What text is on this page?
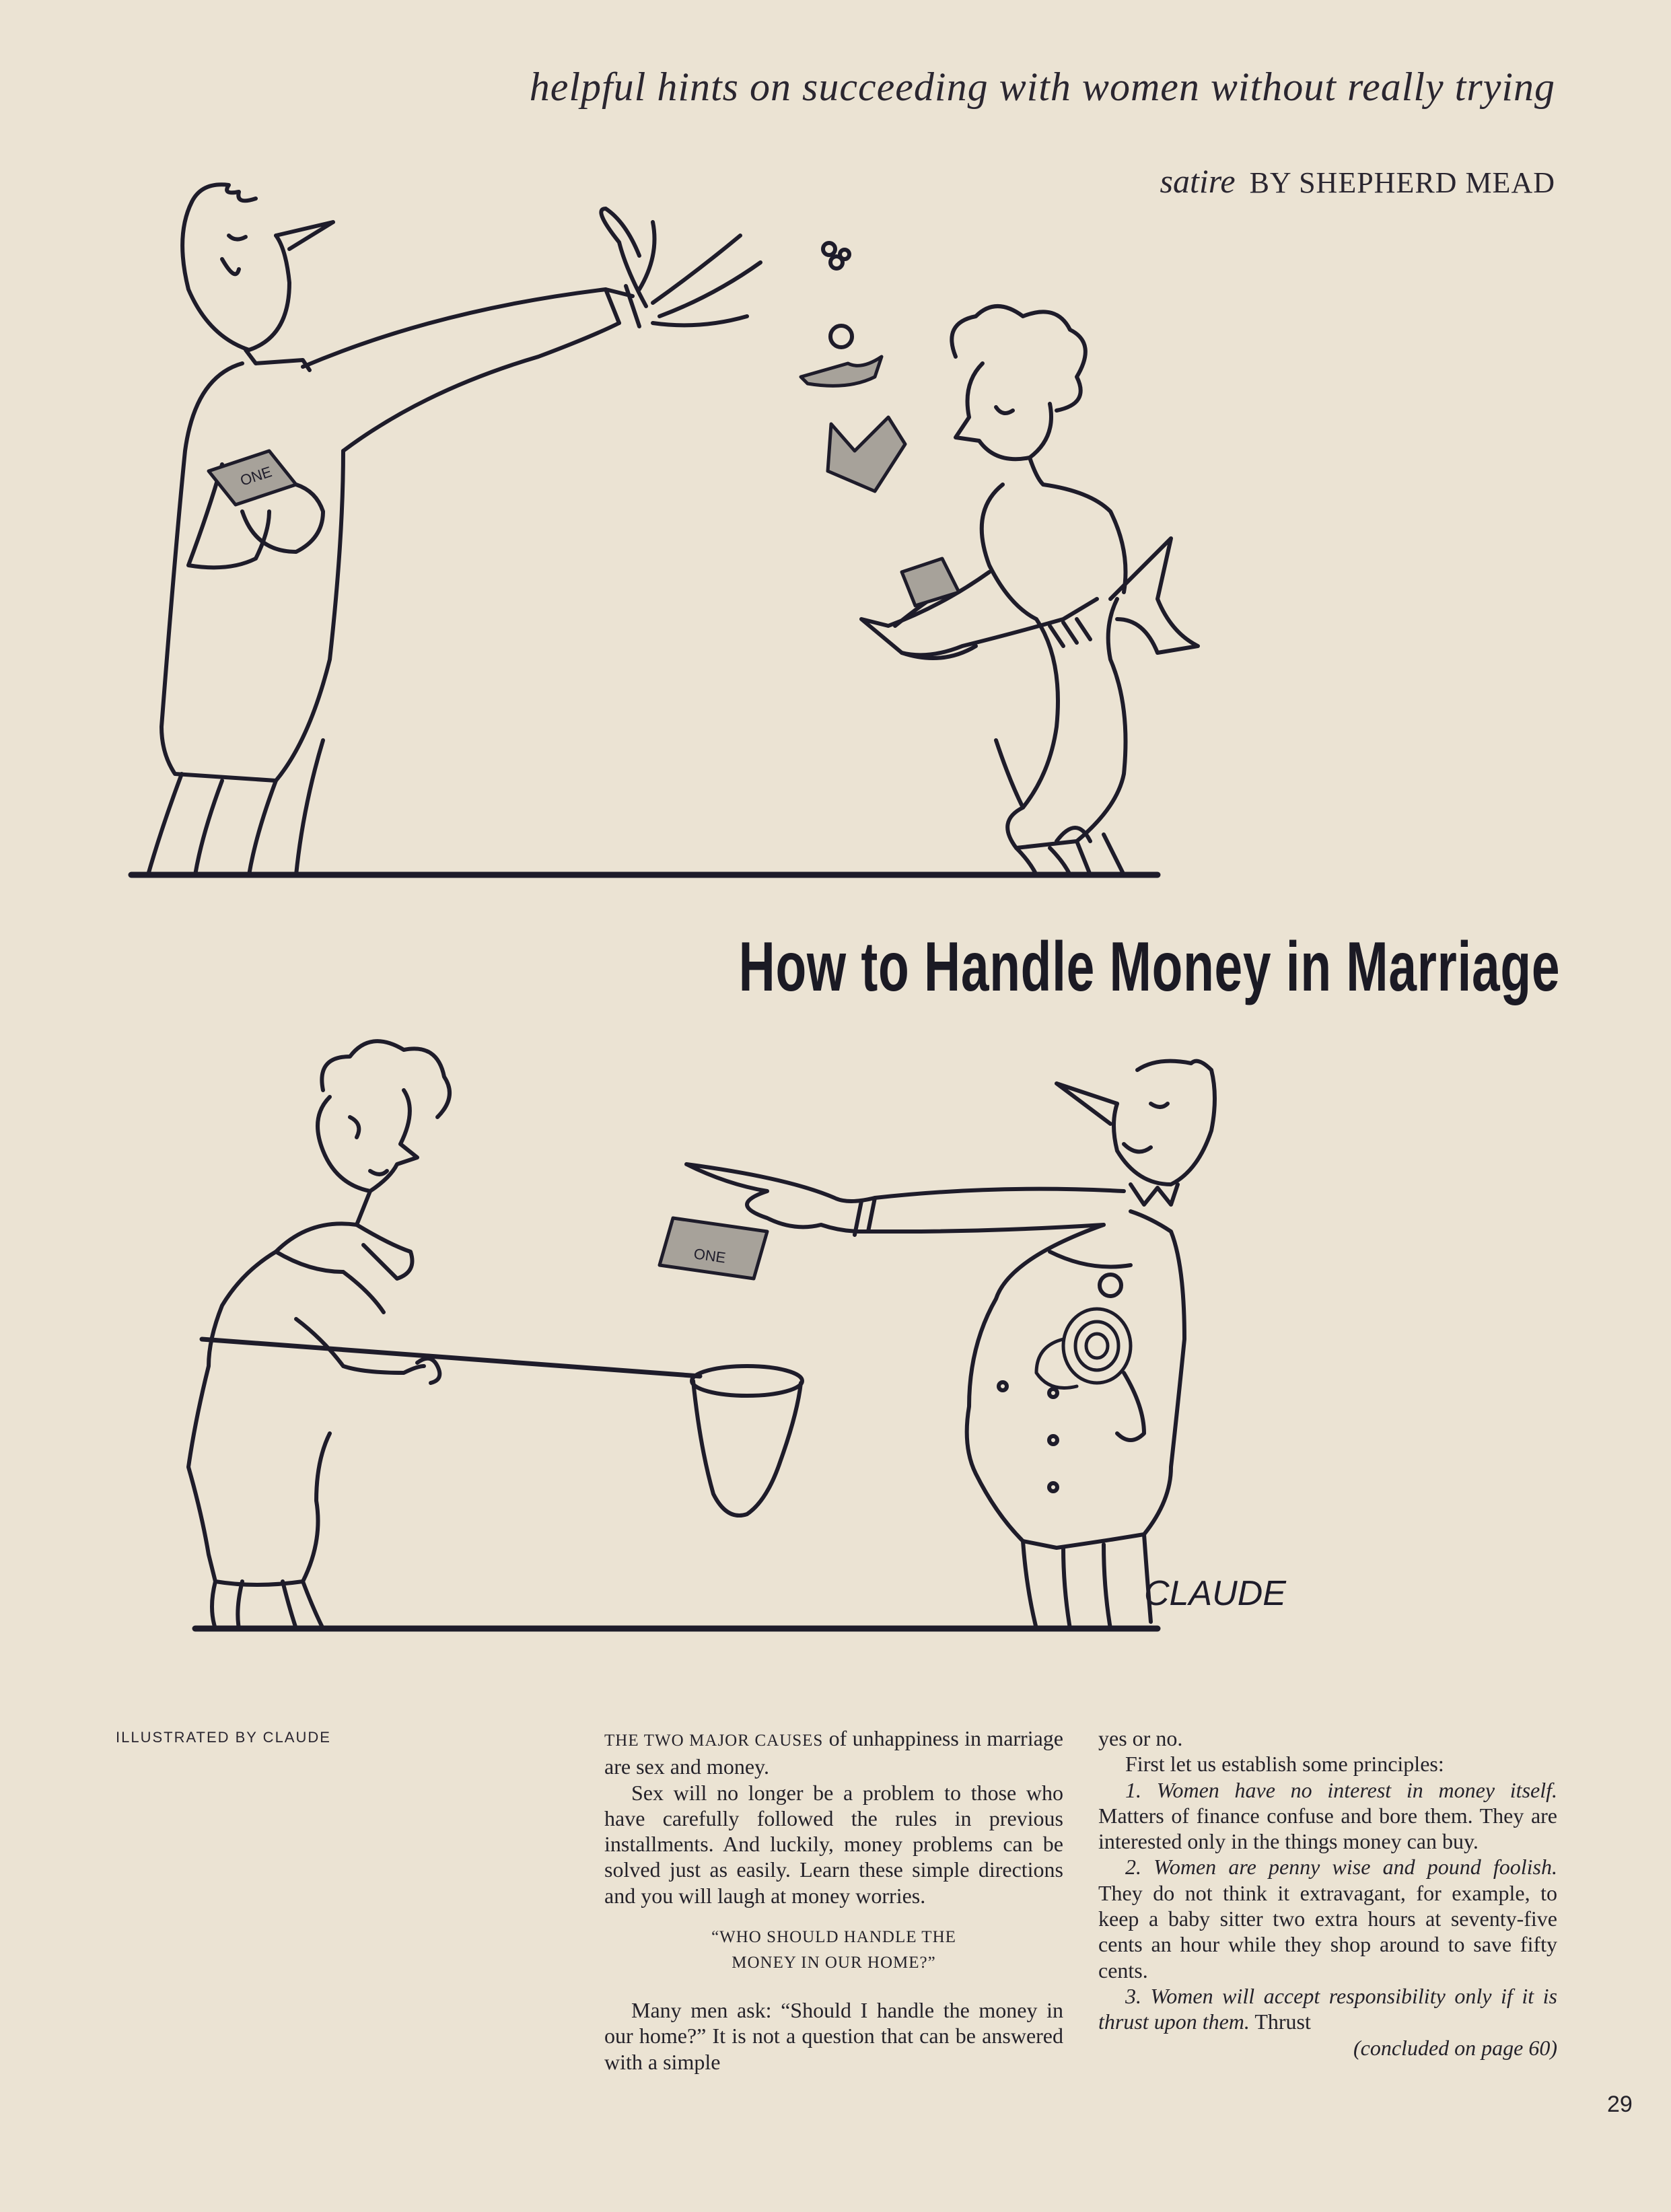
helpful hints on succeeding with women without really trying
satire BY SHEPHERD MEAD
ONE
How to Handle Money in Marriage
ONE
CLAUDE
ILLUSTRATED BY CLAUDE	THE TWO MAJOR CAUSES of unhappiness in marriage are sex and money.

Sex will no longer be a problem to those who have carefully followed the rules in previous installments. And luckily, money problems can be solved just as easily. Learn these simple directions and you will laugh at money worries.

“WHO SHOULD HANDLE THE
MONEY IN OUR HOME?”

Many men ask: “Should I handle the money in our home?” It is not a question that can be answered with a simple

yes or no.

First let us establish some principles:

1. Women have no interest in money itself. Matters of finance confuse and bore them. They are interested only in the things money can buy.

2. Women are penny wise and pound foolish. They do not think it extravagant, for example, to keep a baby sitter two extra hours at seventy-five cents an hour while they shop around to save fifty cents.

3. Women will accept responsibility only if it is thrust upon them. Thrust

(concluded on page 60)

29
